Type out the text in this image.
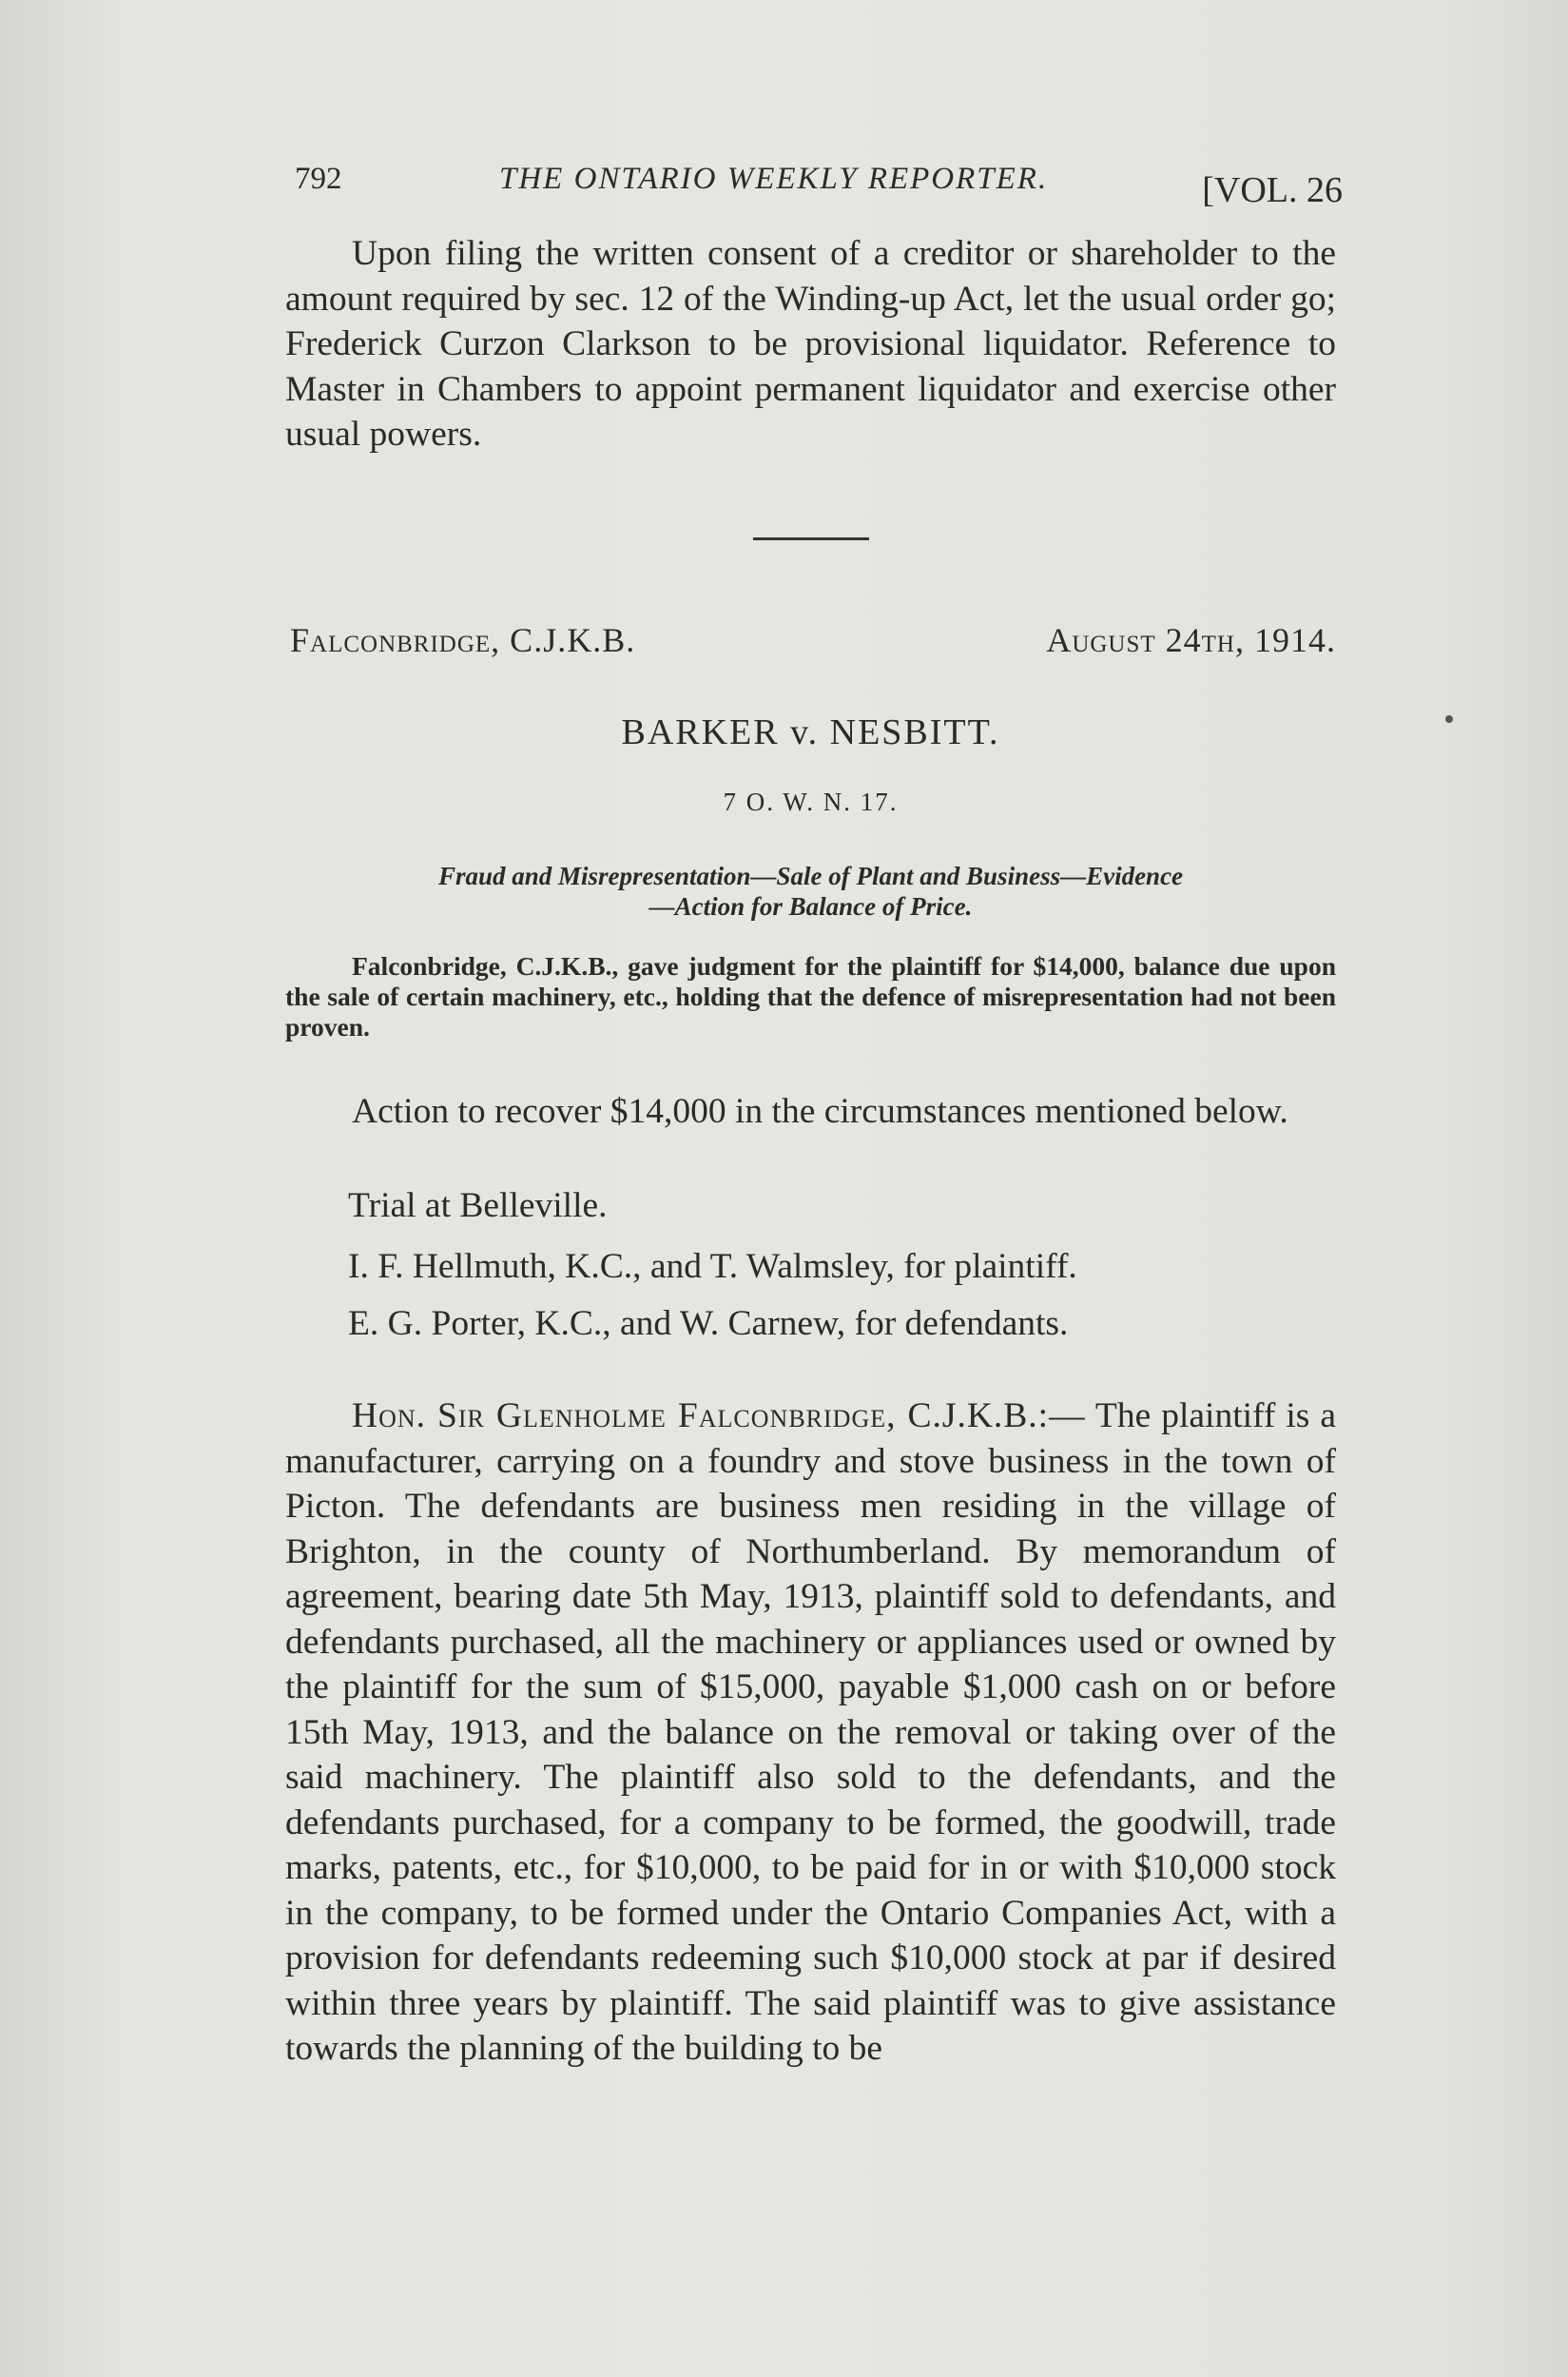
792	THE ONTARIO WEEKLY REPORTER.	[VOL. 26

Upon filing the written consent of a creditor or shareholder to the amount required by sec. 12 of the Winding-up Act, let the usual order go; Frederick Curzon Clarkson to be provisional liquidator. Reference to Master in Chambers to appoint permanent liquidator and exercise other usual powers.

Falconbridge, C.J.K.B.	August 24th, 1914.
BARKER v. NESBITT.
7 O. W. N. 17.
Fraud and Misrepresentation—Sale of Plant and Business—Evidence
—Action for Balance of Price.

Falconbridge, C.J.K.B., gave judgment for the plaintiff for $14,000, balance due upon the sale of certain machinery, etc., holding that the defence of misrepresentation had not been proven.

Action to recover $14,000 in the circumstances mentioned below.

Trial at Belleville.
I. F. Hellmuth, K.C., and T. Walmsley, for plaintiff.
E. G. Porter, K.C., and W. Carnew, for defendants.

Hon. Sir Glenholme Falconbridge, C.J.K.B.:— The plaintiff is a manufacturer, carrying on a foundry and stove business in the town of Picton. The defendants are business men residing in the village of Brighton, in the county of Northumberland. By memorandum of agreement, bearing date 5th May, 1913, plaintiff sold to defendants, and defendants purchased, all the machinery or appliances used or owned by the plaintiff for the sum of $15,000, payable $1,000 cash on or before 15th May, 1913, and the balance on the removal or taking over of the said machinery. The plaintiff also sold to the defendants, and the defendants purchased, for a company to be formed, the goodwill, trade marks, patents, etc., for $10,000, to be paid for in or with $10,000 stock in the company, to be formed under the Ontario Companies Act, with a provision for defendants redeeming such $10,000 stock at par if desired within three years by plaintiff. The said plaintiff was to give assistance towards the planning of the building to be
